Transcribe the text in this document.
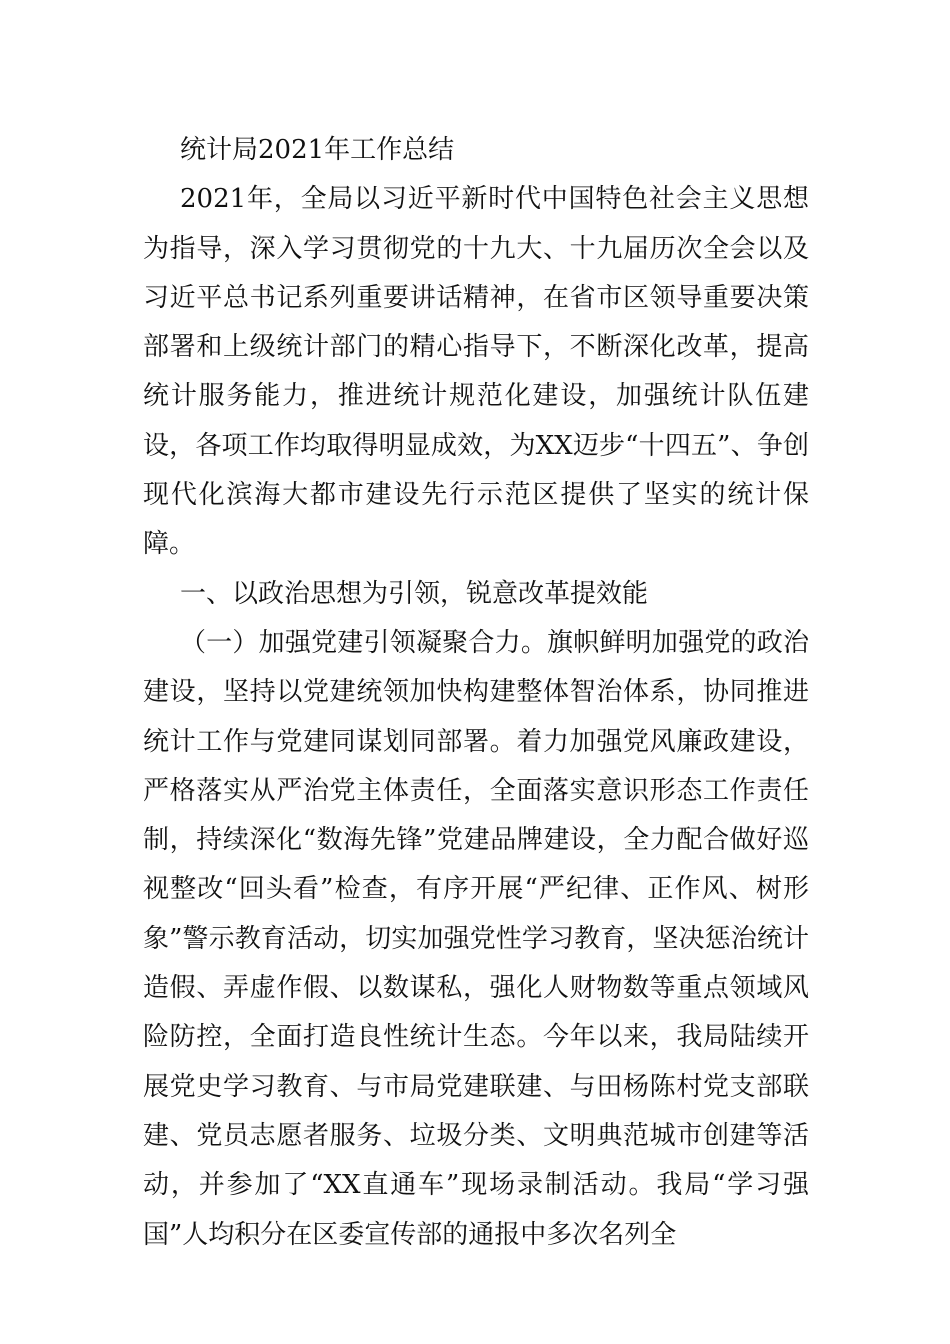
统计局2021年工作总结

2021年，全局以习近平新时代中国特色社会主义思想为指导，深入学习贯彻党的十九大、十九届历次全会以及习近平总书记系列重要讲话精神，在省市区领导重要决策部署和上级统计部门的精心指导下，不断深化改革，提高统计服务能力，推进统计规范化建设，加强统计队伍建设，各项工作均取得明显成效，为XX迈步“十四五”、争创现代化滨海大都市建设先行示范区提供了坚实的统计保障。

一、以政治思想为引领，锐意改革提效能

（一）加强党建引领凝聚合力。旗帜鲜明加强党的政治建设，坚持以党建统领加快构建整体智治体系，协同推进统计工作与党建同谋划同部署。着力加强党风廉政建设，严格落实从严治党主体责任，全面落实意识形态工作责任制，持续深化“数海先锋”党建品牌建设，全力配合做好巡视整改“回头看”检查，有序开展“严纪律、正作风、树形象”警示教育活动，切实加强党性学习教育，坚决惩治统计造假、弄虚作假、以数谋私，强化人财物数等重点领域风险防控，全面打造良性统计生态。今年以来，我局陆续开展党史学习教育、与市局党建联建、与田杨陈村党支部联建、党员志愿者服务、垃圾分类、文明典范城市创建等活动，并参加了“XX直通车”现场录制活动。我局“学习强国”人均积分在区委宣传部的通报中多次名列全
